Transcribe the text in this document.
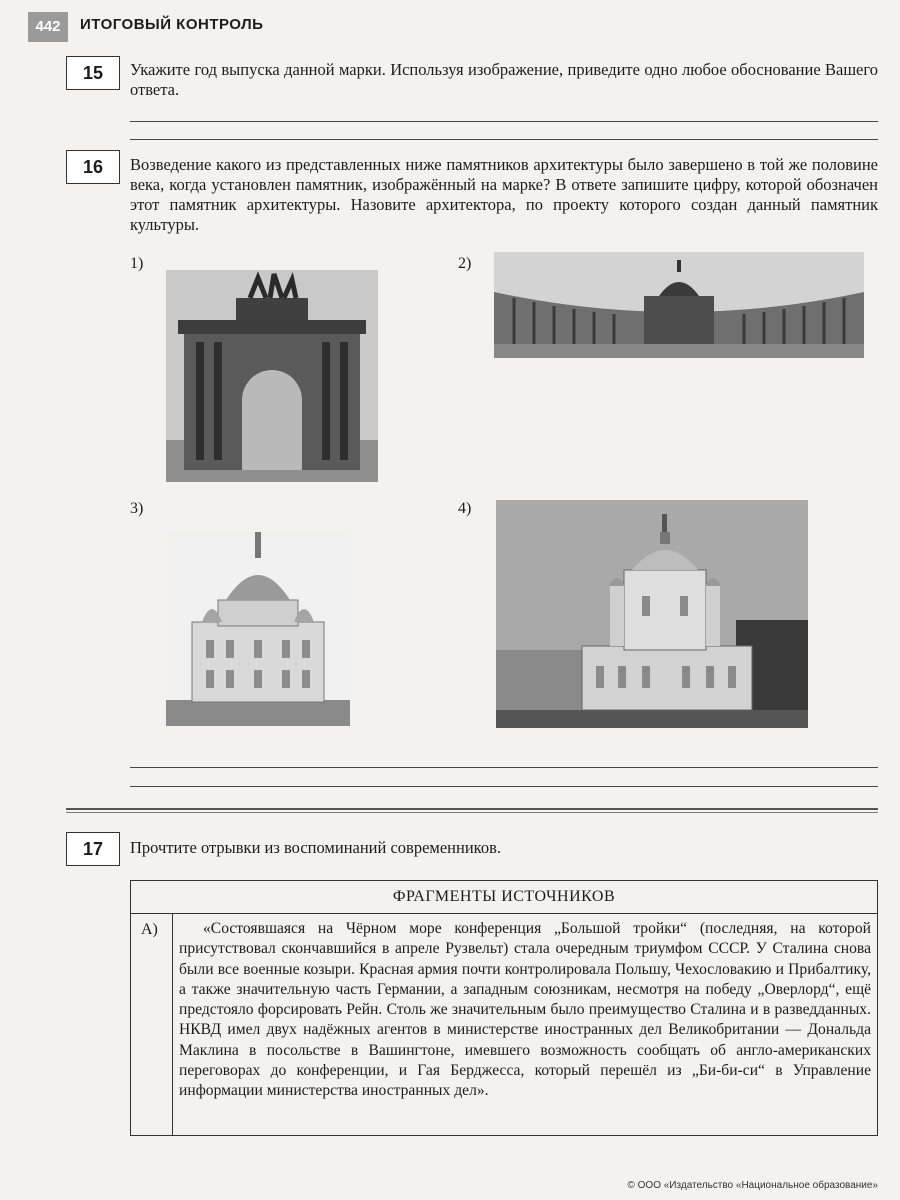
442	ИТОГОВЫЙ КОНТРОЛЬ
15	Укажите год выпуска данной марки. Используя изображение, приведите одно любое обоснование Вашего ответа.
16	Возведение какого из представленных ниже памятников архитектуры было завершено в той же половине века, когда установлен памятник, изображённый на марке? В ответе запишите цифру, которой обозначен этот памятник архитектуры. Назовите архитектора, по проекту которого создан данный памятник культуры.
1)	2)
3)	4)
17	Прочтите отрывки из воспоминаний современников.
ФРАГМЕНТЫ ИСТОЧНИКОВ
А)	«Состоявшаяся на Чёрном море конференция „Большой тройки“ (последняя, на которой присутствовал скончавшийся в апреле Рузвельт) стала очередным триумфом СССР. У Сталина снова были все военные козыри. Красная армия почти контролировала Польшу, Чехословакию и Прибалтику, а также значительную часть Германии, а западным союзникам, несмотря на победу „Оверлорд“, ещё предстояло форсировать Рейн. Столь же значительным было преимущество Сталина и в разведданных. НКВД имел двух надёжных агентов в министерстве иностранных дел Великобритании — Дональда Маклина в посольстве в Вашингтоне, имевшего возможность сообщать об англо-американских переговорах до конференции, и Гая Берджесса, который перешёл из „Би-би-си“ в Управление информации министерства иностранных дел».
© ООО «Издательство «Национальное образование»
